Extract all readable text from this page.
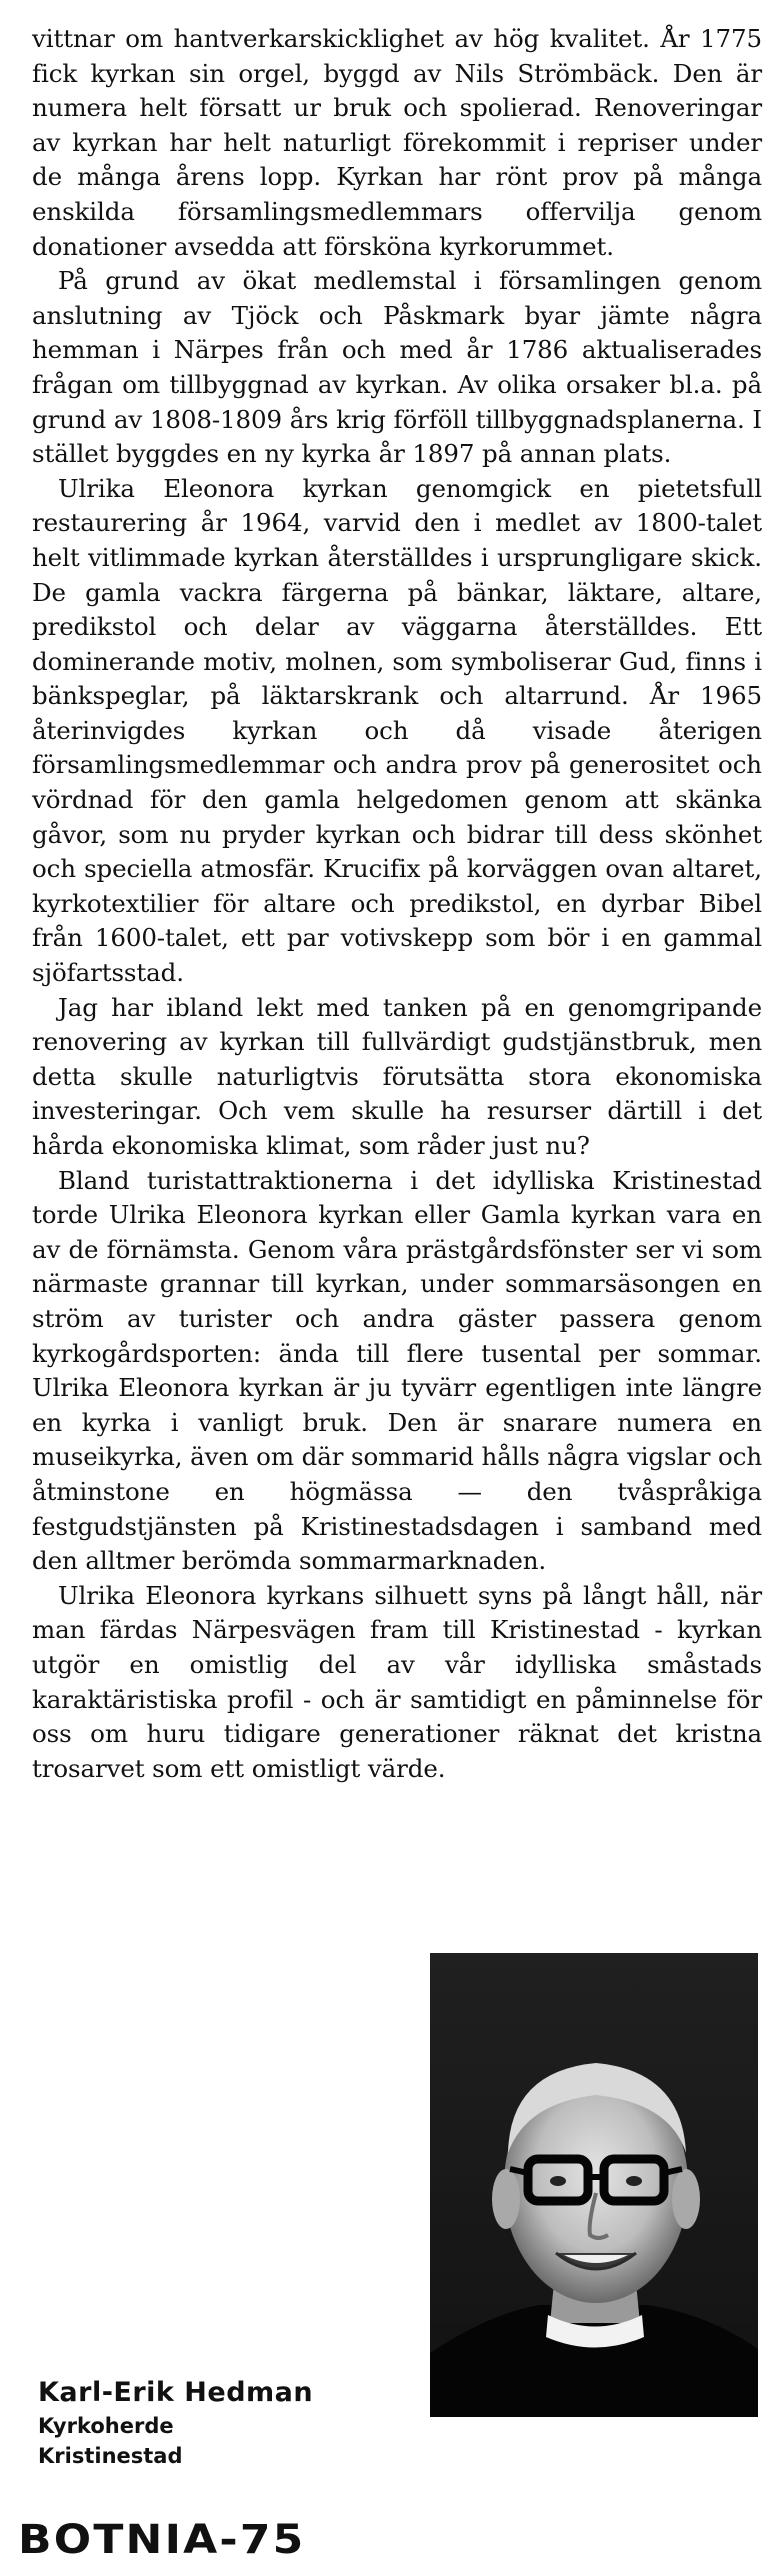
vittnar om hantverkarskicklighet av hög kvalitet. År 1775 fick kyrkan sin orgel, byggd av Nils Strömbäck. Den är numera helt försatt ur bruk och spolierad. Renoveringar av kyrkan har helt naturligt förekommit i repriser under de många årens lopp. Kyrkan har rönt prov på många enskilda församlingsmedlemmars offervilja genom donationer avsedda att försköna kyrkorummet.

På grund av ökat medlemstal i församlingen genom anslutning av Tjöck och Påskmark byar jämte några hemman i Närpes från och med år 1786 aktualiserades frågan om tillbyggnad av kyrkan. Av olika orsaker bl.a. på grund av 1808-1809 års krig förföll tillbyggnadsplanerna. I stället byggdes en ny kyrka år 1897 på annan plats.

Ulrika Eleonora kyrkan genomgick en pietetsfull restaurering år 1964, varvid den i medlet av 1800-talet helt vitlimmade kyrkan återställdes i ursprungligare skick. De gamla vackra färgerna på bänkar, läktare, altare, predikstol och delar av väggarna återställdes. Ett dominerande motiv, molnen, som symboliserar Gud, finns i bänkspeglar, på läktarskrank och altarrund. År 1965 återinvigdes kyrkan och då visade återigen församlingsmedlemmar och andra prov på generositet och vördnad för den gamla helgedomen genom att skänka gåvor, som nu pryder kyrkan och bidrar till dess skönhet och speciella atmosfär. Krucifix på korväggen ovan altaret, kyrkotextilier för altare och predikstol, en dyrbar Bibel från 1600-talet, ett par votivskepp som bör i en gammal sjöfartsstad.

Jag har ibland lekt med tanken på en genomgripande renovering av kyrkan till fullvärdigt gudstjänstbruk, men detta skulle naturligtvis förutsätta stora ekonomiska investeringar. Och vem skulle ha resurser därtill i det hårda ekonomiska klimat, som råder just nu?

Bland turistattraktionerna i det idylliska Kristinestad torde Ulrika Eleonora kyrkan eller Gamla kyrkan vara en av de förnämsta. Genom våra prästgårdsfönster ser vi som närmaste grannar till kyrkan, under sommarsäsongen en ström av turister och andra gäster passera genom kyrkogårdsporten: ända till flere tusental per sommar. Ulrika Eleonora kyrkan är ju tyvärr egentligen inte längre en kyrka i vanligt bruk. Den är snarare numera en museikyrka, även om där sommarid hålls några vigslar och åtminstone en högmässa — den tvåspråkiga festgudstjänsten på Kristinestadsdagen i samband med den alltmer berömda sommarmarknaden.

Ulrika Eleonora kyrkans silhuett syns på långt håll, när man färdas Närpesvägen fram till Kristinestad - kyrkan utgör en omistlig del av vår idylliska småstads karaktäristiska profil - och är samtidigt en påminnelse för oss om huru tidigare generationer räknat det kristna trosarvet som ett omistligt värde.

Karl-Erik Hedman
Kyrkoherde
Kristinestad
BOTNIA-75
